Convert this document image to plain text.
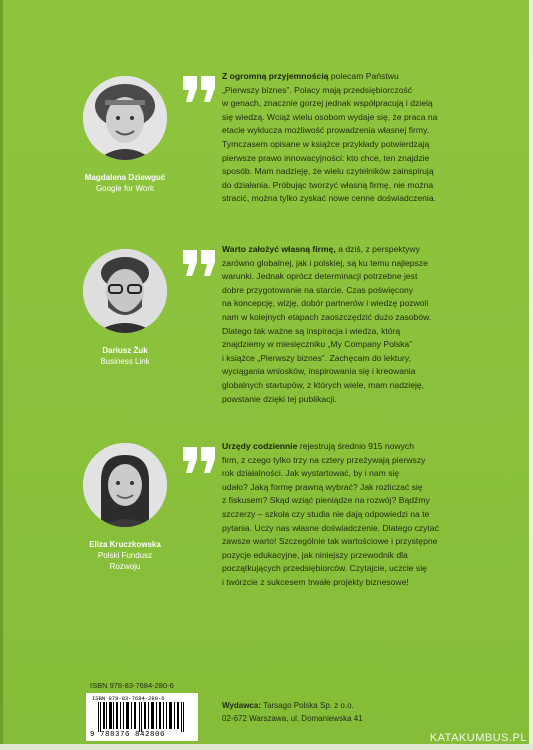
Magdalena Dziewguć
Google for Work

Z ogromną przyjemnością polecam Państwu

„Pierwszy biznes”. Polacy mają przedsiębiorczość

w genach, znacznie gorzej jednak współpracują i dzielą

się wiedzą. Wciąż wielu osobom wydaje się, że praca na

etacie wyklucza możliwość prowadzenia własnej firmy.

Tymczasem opisane w książce przykłady potwierdzają

pierwsze prawo innowacyjności: kto chce, ten znajdzie

sposób. Mam nadzieję, że wielu czytelników zainspirują

do działania. Próbując tworzyć własną firmę, nie można

stracić, można tylko zyskać nowe cenne doświadczenia.

Dariusz Żuk
Business Link

Warto założyć własną firmę, a dziś, z perspektywy

zarówno globalnej, jak i polskiej, są ku temu najlepsze

warunki. Jednak oprócz determinacji potrzebne jest

dobre przygotowanie na starcie. Czas poświęcony

na koncepcję, wizję, dobór partnerów i wiedzę pozwoli

nam w kolejnych etapach zaoszczędzić dużo zasobów.

Dlatego tak ważne są inspiracja i wiedza, którą

znajdziemy w miesięczniku „My Company Polska”

i książce „Pierwszy biznes”. Zachęcam do lektury,

wyciągania wniosków, inspirowania się i kreowania

globalnych startupów, z których wiele, mam nadzieję,

powstanie dzięki tej publikacji.

Eliza Kruczkowska
Polski Fundusz
Rozwoju

Urzędy codziennie rejestrują średnio 915 nowych

firm, z czego tylko trzy na cztery przeżywają pierwszy

rok działalności. Jak wystartować, by i nam się

udało? Jaką formę prawną wybrać? Jak rozliczać się

z fiskusem? Skąd wziąć pieniądze na rozwój? Bądźmy

szczerzy – szkoła czy studia nie dają odpowiedzi na te

pytania. Uczy nas własne doświadczenie. Dlatego czytać

zawsze warto! Szczególnie tak wartościowe i przystępne

pozycje edukacyjne, jak niniejszy przewodnik dla

początkujących przedsiębiorców. Czytajcie, uczcie się

i twórzcie z sukcesem trwałe projekty biznesowe!

ISBN 978-83-7684-280-6
ISBN 978-83-7684-280-6
9 788376 842806
Wydawca: Tarsago Polska Sp. z o.o.
02-672 Warszawa, ul. Domaniewska 41
KATAKUMBUS.PL
